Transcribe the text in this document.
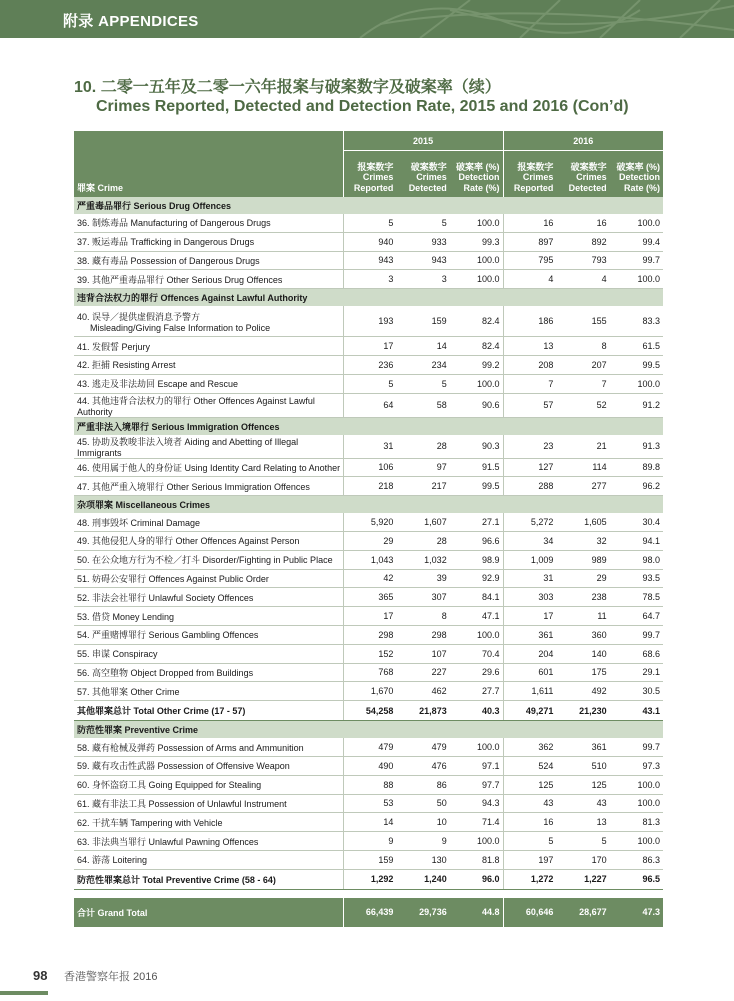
附录 APPENDICES
10. 二零一五年及二零一六年报案与破案数字及破案率（续）
Crimes Reported, Detected and Detection Rate, 2015 and 2016 (Con’d)
	2015			2016		
罪案 Crime	报案数字
Crimes
Reported	破案数字
Crimes
Detected	破案率 (%)
Detection
Rate (%)	报案数字
Crimes
Reported	破案数字
Crimes
Detected	破案率 (%)
Detection
Rate (%)
严重毒品罪行 Serious Drug Offences						
36. 制炼毒品 Manufacturing of Dangerous Drugs	5	5	100.0	16	16	100.0
37. 贩运毒品 Trafficking in Dangerous Drugs	940	933	99.3	897	892	99.4
38. 藏有毒品 Possession of Dangerous Drugs	943	943	100.0	795	793	99.7
39. 其他严重毒品罪行 Other Serious Drug Offences	3	3	100.0	4	4	100.0
违背合法权力的罪行 Offences Against Lawful Authority						
40. 误导／提供虚假消息予警方
Misleading/Giving False Information to Police	193	159	82.4	186	155	83.3
41. 发假誓 Perjury	17	14	82.4	13	8	61.5
42. 拒捕 Resisting Arrest	236	234	99.2	208	207	99.5
43. 逃走及非法劫回 Escape and Rescue	5	5	100.0	7	7	100.0
44. 其他违背合法权力的罪行 Other Offences Against Lawful Authority	64	58	90.6	57	52	91.2
严重非法入境罪行 Serious Immigration Offences						
45. 协助及教唆非法入境者 Aiding and Abetting of Illegal Immigrants	31	28	90.3	23	21	91.3
46. 使用属于他人的身份证 Using Identity Card Relating to Another	106	97	91.5	127	114	89.8
47. 其他严重入境罪行 Other Serious Immigration Offences	218	217	99.5	288	277	96.2
杂项罪案 Miscellaneous Crimes						
48. 刑事毁坏 Criminal Damage	5,920	1,607	27.1	5,272	1,605	30.4
49. 其他侵犯人身的罪行 Other Offences Against Person	29	28	96.6	34	32	94.1
50. 在公众地方行为不检／打斗 Disorder/Fighting in Public Place	1,043	1,032	98.9	1,009	989	98.0
51. 妨碍公安罪行 Offences Against Public Order	42	39	92.9	31	29	93.5
52. 非法会社罪行 Unlawful Society Offences	365	307	84.1	303	238	78.5
53. 借贷 Money Lending	17	8	47.1	17	11	64.7
54. 严重赌博罪行 Serious Gambling Offences	298	298	100.0	361	360	99.7
55. 串谋 Conspiracy	152	107	70.4	204	140	68.6
56. 高空堕物 Object Dropped from Buildings	768	227	29.6	601	175	29.1
57. 其他罪案 Other Crime	1,670	462	27.7	1,611	492	30.5
其他罪案总计 Total Other Crime (17 - 57)	54,258	21,873	40.3	49,271	21,230	43.1
防范性罪案 Preventive Crime						
58. 藏有枪械及弹药 Possession of Arms and Ammunition	479	479	100.0	362	361	99.7
59. 藏有攻击性武器 Possession of Offensive Weapon	490	476	97.1	524	510	97.3
60. 身怀盗窃工具 Going Equipped for Stealing	88	86	97.7	125	125	100.0
61. 藏有非法工具 Possession of Unlawful Instrument	53	50	94.3	43	43	100.0
62. 干扰车辆 Tampering with Vehicle	14	10	71.4	16	13	81.3
63. 非法典当罪行 Unlawful Pawning Offences	9	9	100.0	5	5	100.0
64. 游荡 Loitering	159	130	81.8	197	170	86.3
防范性罪案总计 Total Preventive Crime (58 - 64)	1,292	1,240	96.0	1,272	1,227	96.5

合计 Grand Total	66,439	29,736	44.8	60,646	28,677	47.3
98 香港警察年报 2016
